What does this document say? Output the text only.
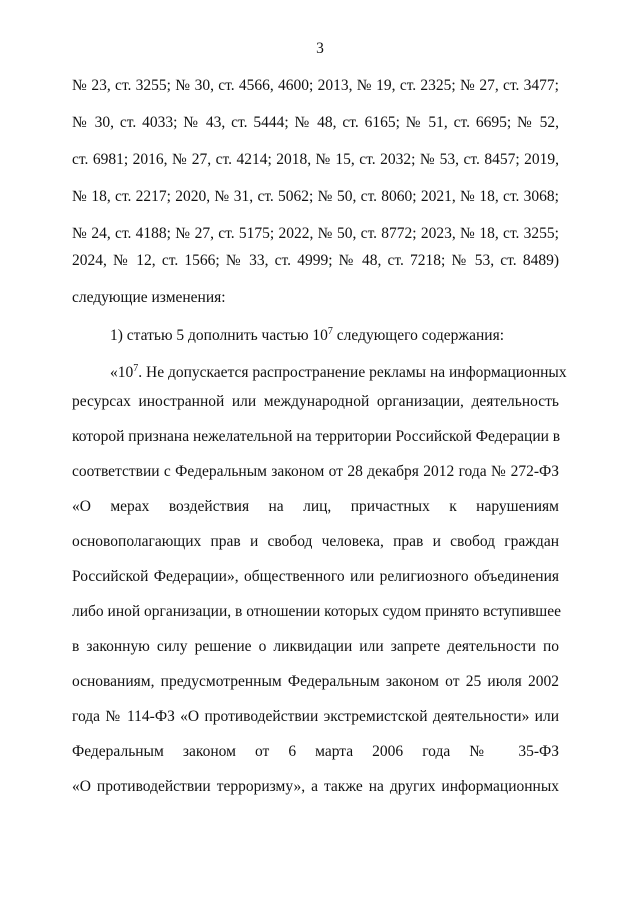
3
№ 23, ст. 3255; № 30, ст. 4566, 4600; 2013, № 19, ст. 2325; № 27, ст. 3477;
№ 30, ст. 4033; № 43, ст. 5444; № 48, ст. 6165; № 51, ст. 6695; № 52,
ст. 6981; 2016, № 27, ст. 4214; 2018, № 15, ст. 2032; № 53, ст. 8457; 2019,
№ 18, ст. 2217; 2020, № 31, ст. 5062; № 50, ст. 8060; 2021, № 18, ст. 3068;
№ 24, ст. 4188; № 27, ст. 5175; 2022, № 50, ст. 8772; 2023, № 18, ст. 3255;
2024, № 12, ст. 1566; № 33, ст. 4999; № 48, ст. 7218; № 53, ст. 8489)
следующие изменения:
1) статью 5 дополнить частью $10^7$ следующего содержания:
«$10^7$. Не допускается распространение рекламы на информационных
ресурсах иностранной или международной организации, деятельность
которой признана нежелательной на территории Российской Федерации в
соответствии с Федеральным законом от 28 декабря 2012 года № 272-ФЗ
«О мерах воздействия на лиц, причастных к нарушениям
основополагающих прав и свобод человека, прав и свобод граждан
Российской Федерации», общественного или религиозного объединения
либо иной организации, в отношении которых судом принято вступившее
в законную силу решение о ликвидации или запрете деятельности по
основаниям, предусмотренным Федеральным законом от 25 июля 2002
года № 114-ФЗ «О противодействии экстремистской деятельности» или
Федеральным законом от 6 марта 2006 года № 35-ФЗ
«О противодействии терроризму», а также на других информационных
